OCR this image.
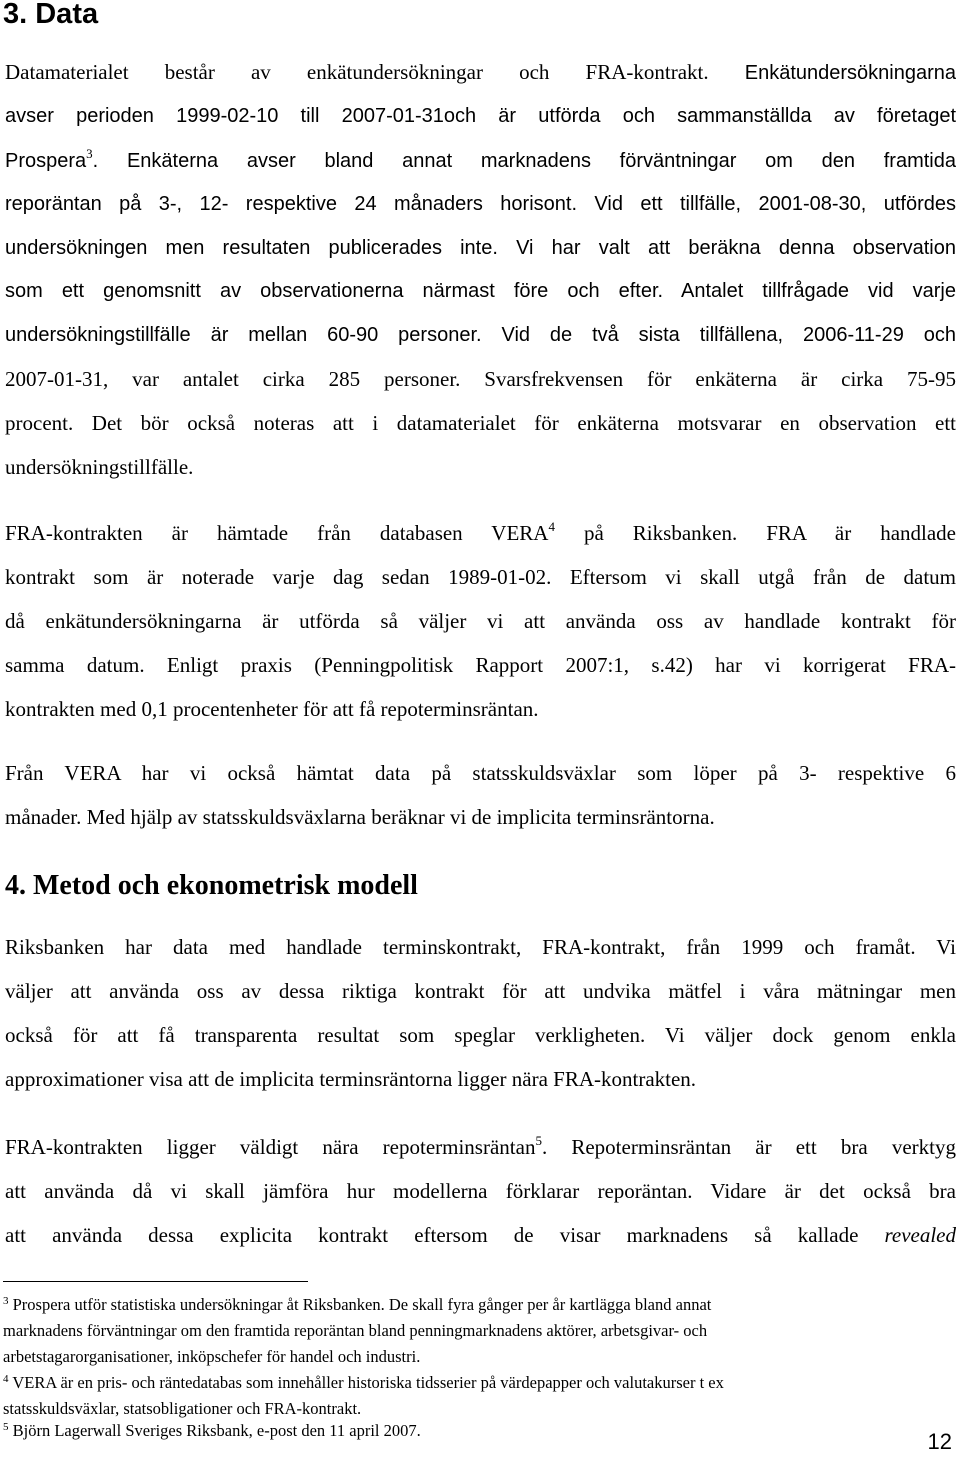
3. Data
Datamaterialet består av enkätundersökningar och FRA-kontrakt. Enkätundersökningarna
avser perioden 1999-02-10 till 2007-01-31och är utförda och sammanställda av företaget
Prospera$^3$. Enkäterna avser bland annat marknadens förväntningar om den framtida
reporäntan på 3-, 12- respektive 24 månaders horisont. Vid ett tillfälle, 2001-08-30, utfördes
undersökningen men resultaten publicerades inte. Vi har valt att beräkna denna observation
som ett genomsnitt av observationerna närmast före och efter. Antalet tillfrågade vid varje
undersökningstillfälle är mellan 60-90 personer. Vid de två sista tillfällena, 2006-11-29 och
2007-01-31, var antalet cirka 285 personer. Svarsfrekvensen för enkäterna är cirka 75-95
procent. Det bör också noteras att i datamaterialet för enkäterna motsvarar en observation ett
undersökningstillfälle.
FRA-kontrakten är hämtade från databasen VERA$^4$ på Riksbanken. FRA är handlade
kontrakt som är noterade varje dag sedan 1989-01-02. Eftersom vi skall utgå från de datum
då enkätundersökningarna är utförda så väljer vi att använda oss av handlade kontrakt för
samma datum. Enligt praxis (Penningpolitisk Rapport 2007:1, s.42) har vi korrigerat FRA-
kontrakten med 0,1 procentenheter för att få repoterminsräntan.
Från VERA har vi också hämtat data på statsskuldsväxlar som löper på 3- respektive 6
månader. Med hjälp av statsskuldsväxlarna beräknar vi de implicita terminsräntorna.
4. Metod och ekonometrisk modell
Riksbanken har data med handlade terminskontrakt, FRA-kontrakt, från 1999 och framåt. Vi
väljer att använda oss av dessa riktiga kontrakt för att undvika mätfel i våra mätningar men
också för att få transparenta resultat som speglar verkligheten. Vi väljer dock genom enkla
approximationer visa att de implicita terminsräntorna ligger nära FRA-kontrakten.
FRA-kontrakten ligger väldigt nära repoterminsräntan$^5$. Repoterminsräntan är ett bra verktyg
att använda då vi skall jämföra hur modellerna förklarar reporäntan. Vidare är det också bra
att använda dessa explicita kontrakt eftersom de visar marknadens så kallade revealed
$^3$ Prospera utför statistiska undersökningar åt Riksbanken. De skall fyra gånger per år kartlägga bland annat
marknadens förväntningar om den framtida reporäntan bland penningmarknadens aktörer, arbetsgivar- och
arbetstagarorganisationer, inköpschefer för handel och industri.
$^4$ VERA är en pris- och räntedatabas som innehåller historiska tidsserier på värdepapper och valutakurser t ex
statsskuldsväxlar, statsobligationer och FRA-kontrakt.
$^5$ Björn Lagerwall Sveriges Riksbank, e-post den 11 april 2007.	12
